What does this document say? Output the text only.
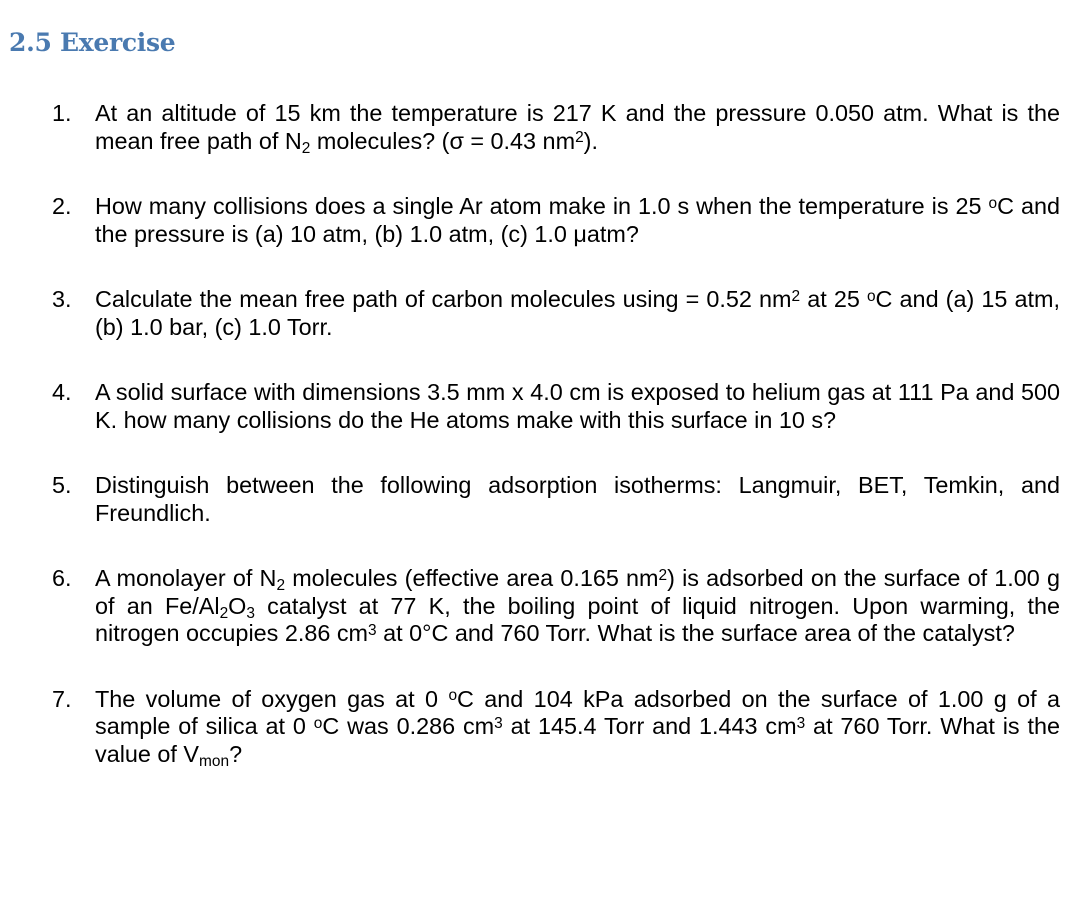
2.5 Exercise
1. At an altitude of 15 km the temperature is 217 K and the pressure 0.050 atm. What is the mean free path of $N_2$ molecules? (σ = 0.43 $nm^2$).
2. How many collisions does a single Ar atom make in 1.0 s when the temperature is 25 $^o$C and the pressure is (a) 10 atm, (b) 1.0 atm, (c) 1.0 μatm?
3. Calculate the mean free path of carbon molecules using = 0.52 $nm^2$ at 25 $^o$C and (a) 15 atm, (b) 1.0 bar, (c) 1.0 Torr.
4. A solid surface with dimensions 3.5 mm x 4.0 cm is exposed to helium gas at 111 Pa and 500 K. how many collisions do the He atoms make with this surface in 10 s?
5. Distinguish between the following adsorption isotherms: Langmuir, BET, Temkin, and Freundlich.
6. A monolayer of $N_2$ molecules (effective area 0.165 $nm^2$) is adsorbed on the surface of 1.00 g of an $Fe/Al_2O_3$ catalyst at 77 K, the boiling point of liquid nitrogen. Upon warming, the nitrogen occupies 2.86 $cm^3$ at 0°C and 760 Torr. What is the surface area of the catalyst?
7. The volume of oxygen gas at 0 $^o$C and 104 kPa adsorbed on the surface of 1.00 g of a sample of silica at 0 $^o$C was 0.286 $cm^3$ at 145.4 Torr and 1.443 $cm^3$ at 760 Torr. What is the value of $V_{mon}$?
